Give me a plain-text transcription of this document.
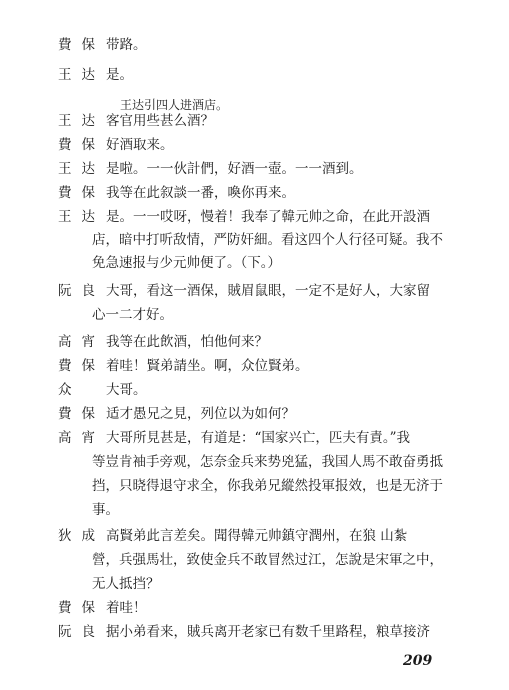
費保带路。
王达是。
王达引四人进酒店。
王达客官用些甚么酒？
費保好酒取来。
王达是啦。一一伙計們，好酒一壺。一一酒到。
費保我等在此叙談一番，喚你再来。
王达是。一一哎呀，慢着！我奉了韓元帅之命，在此开設酒
店，暗中打听敌情，严防奸細。看这四个人行径可疑。我不
免急速报与少元帅便了。（下。）
阮良大哥，看这一酒保，賊眉鼠眼，一定不是好人，大家留
心一二才好。
高宵我等在此飲酒，怕他何来？
費保着哇！賢弟請坐。啊，众位賢弟。
众 大哥。
費保适才愚兄之見，列位以为如何？
高宵大哥所見甚是，有道是：“国家兴亡，匹夫有責。”我
等豈肯袖手旁观，怎奈金兵来势兇猛，我国人馬不敢奋勇抵
挡，只晓得退守求全，你我弟兄縱然投軍报效，也是无济于
事。
狄成高賢弟此言差矣。聞得韓元帅鎮守潤州，在狼 山紮
營，兵强馬壮，致使金兵不敢冒然过江，怎說是宋軍之中，
无人抵挡？
費保着哇！
阮良据小弟看来，賊兵离开老家已有数千里路程，粮草接济
209
